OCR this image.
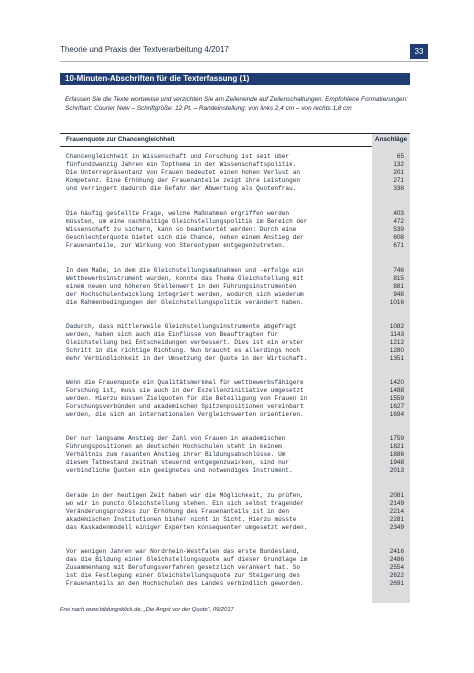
Theorie und Praxis der Textverarbeitung 4/2017	33
10-Minuten-Abschriften für die Texterfassung (1)
Erfassen Sie die Texte wortweise und verzichten Sie am Zeilenende auf Zeilenschaltungen. Empfohlene Formatierungen: Schriftart: Courier New – Schriftgröße: 12 Pt. – Randeinstellung: von links 2,4 cm – von rechts 1,8 cm
Frauenquote zur Chancengleichheit	Anschläge
Chancengleichheit in Wissenschaft und Forschung ist seit über	65
fünfundzwanzig Jahren ein Topthema in der Wissenschaftspolitik.	132
Die Unterrepräsentanz von Frauen bedeutet einen hohen Verlust an	201
Kompetenz. Eine Erhöhung der Frauenanteile zeigt ihre Leistungen	271
und verringert dadurch die Gefahr der Abwertung als Quotenfrau.	338
Die häufig gestellte Frage, welche Maßnahmen ergriffen werden	403
müssten, um eine nachhaltige Gleichstellungspolitik im Bereich der	472
Wissenschaft zu sichern, kann so beantwortet werden: Durch eine	539
Geschlechterquote bietet sich die Chance, neben einem Anstieg der	608
Frauenanteile, zur Wirkung von Stereotypen entgegenzutreten.	671
In dem Maße, in dem die Gleichstellungsmaßnahmen und -erfolge ein	746
Wettbewerbsinstrument wurden, konnte das Thema Gleichstellung mit	815
einem neuen und höheren Stellenwert in den Führungsinstrumenten	881
der Hochschulentwicklung integriert werden, wodurch sich wiederum	948
die Rahmenbedingungen der Gleichstellungspolitik verändert haben.	1016
Dadurch, dass mittlerweile Gleichstellungsinstrumente abgefragt	1082
werden, haben sich auch die Einflüsse von Beauftragten für	1143
Gleichstellung bei Entscheidungen verbessert. Dies ist ein erster	1212
Schritt in die richtige Richtung. Nun braucht es allerdings noch	1280
mehr Verbindlichkeit in der Umsetzung der Quote in der Wirtschaft.	1351
Wenn die Frauenquote ein Qualitätsmerkmal für wettbewerbsfähigere	1420
Forschung ist, muss sie auch in der Exzellenzinitiative umgesetzt	1488
werden. Hierzu müssen Zielquoten für die Beteiligung von Frauen in	1559
Forschungsverbünden und akademischen Spitzenpositionen vereinbart	1627
werden, die sich an internationalen Vergleichswerten orientieren.	1694
Der nur langsame Anstieg der Zahl von Frauen in akademischen	1759
Führungspositionen an deutschen Hochschulen steht in keinem	1821
Verhältnis zum rasanten Anstieg ihrer Bildungsabschlüsse. Um	1886
diesem Tatbestand zeitnah steuernd entgegenzuwirken, sind nur	1948
verbindliche Quoten ein geeignetes und notwendiges Instrument.	2013
Gerade in der heutigen Zeit haben wir die Möglichkeit, zu prüfen,	2081
wo wir in puncto Gleichstellung stehen. Ein sich selbst tragender	2149
Veränderungsprozess zur Erhöhung des Frauenanteils ist in den	2214
akademischen Institutionen bisher nicht in Sicht. Hierzu müsste	2281
das Kaskadenmodell einiger Experten konsequenter umgesetzt werden.	2349
Vor wenigen Jahren war Nordrhein-Westfalen das erste Bundesland,	2416
das die Bildung einer Gleichstellungsquote auf dieser Grundlage im	2486
Zusammenhang mit Berufungsverfahren gesetzlich verankert hat. So	2554
ist die Festlegung einer Gleichstellungsquote zur Steigerung des	2622
Frauenanteils an den Hochschulen des Landes verbindlich geworden.	2691
Frei nach www.bildungsklick.de, „Die Angst vor der Quote“, 09/2017
